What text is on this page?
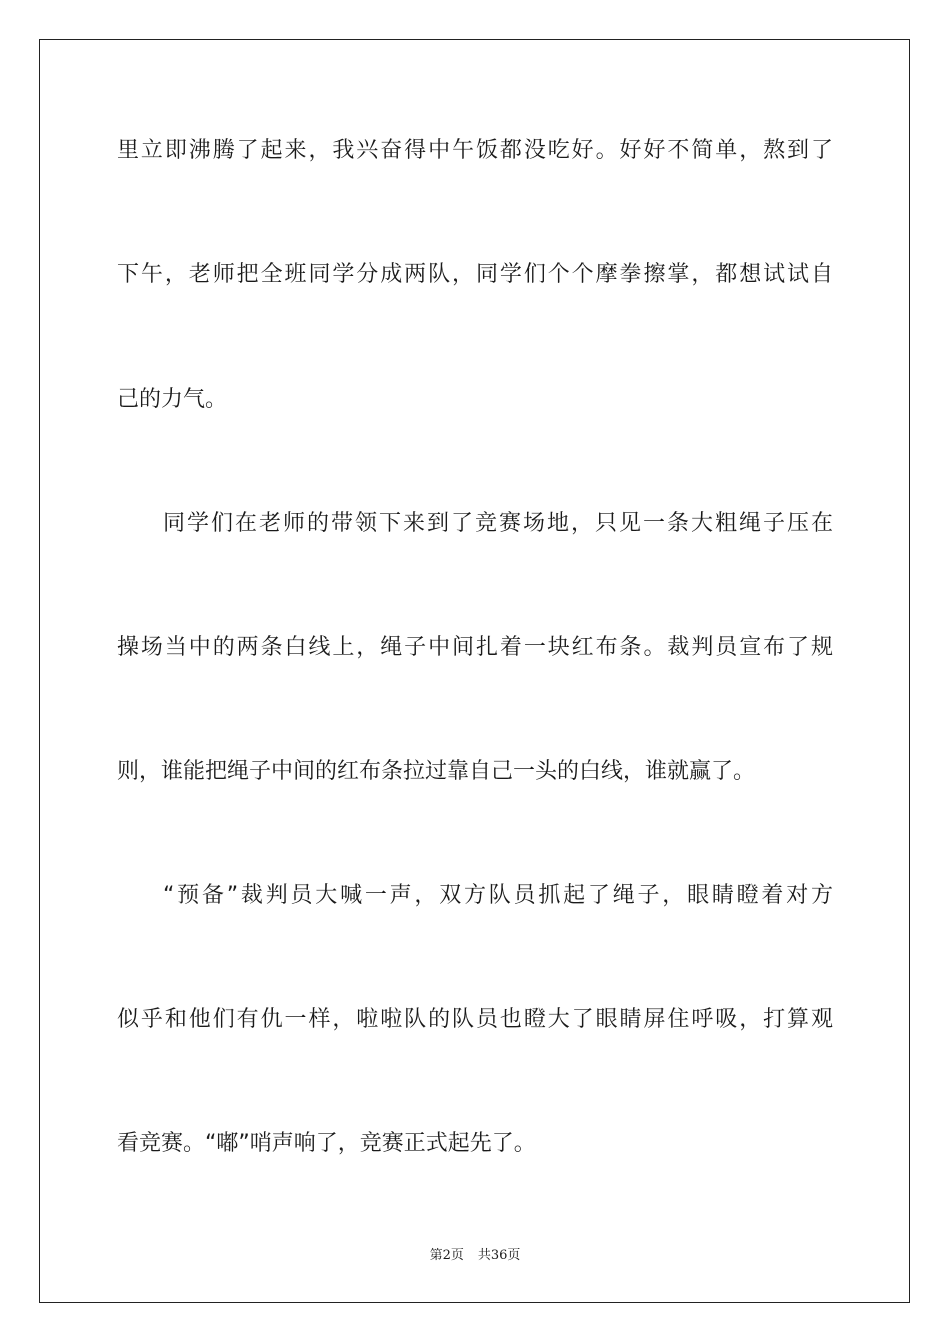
里立即沸腾了起来，我兴奋得中午饭都没吃好。好好不简单，熬到了
下午，老师把全班同学分成两队，同学们个个摩拳擦掌，都想试试自
己的力气。
同学们在老师的带领下来到了竞赛场地，只见一条大粗绳子压在
操场当中的两条白线上，绳子中间扎着一块红布条。裁判员宣布了规
则，谁能把绳子中间的红布条拉过靠自己一头的白线，谁就赢了。
“预备”裁判员大喊一声，双方队员抓起了绳子，眼睛瞪着对方
似乎和他们有仇一样，啦啦队的队员也瞪大了眼睛屏住呼吸，打算观
看竞赛。“嘟”哨声响了，竞赛正式起先了。
第2页 共36页
